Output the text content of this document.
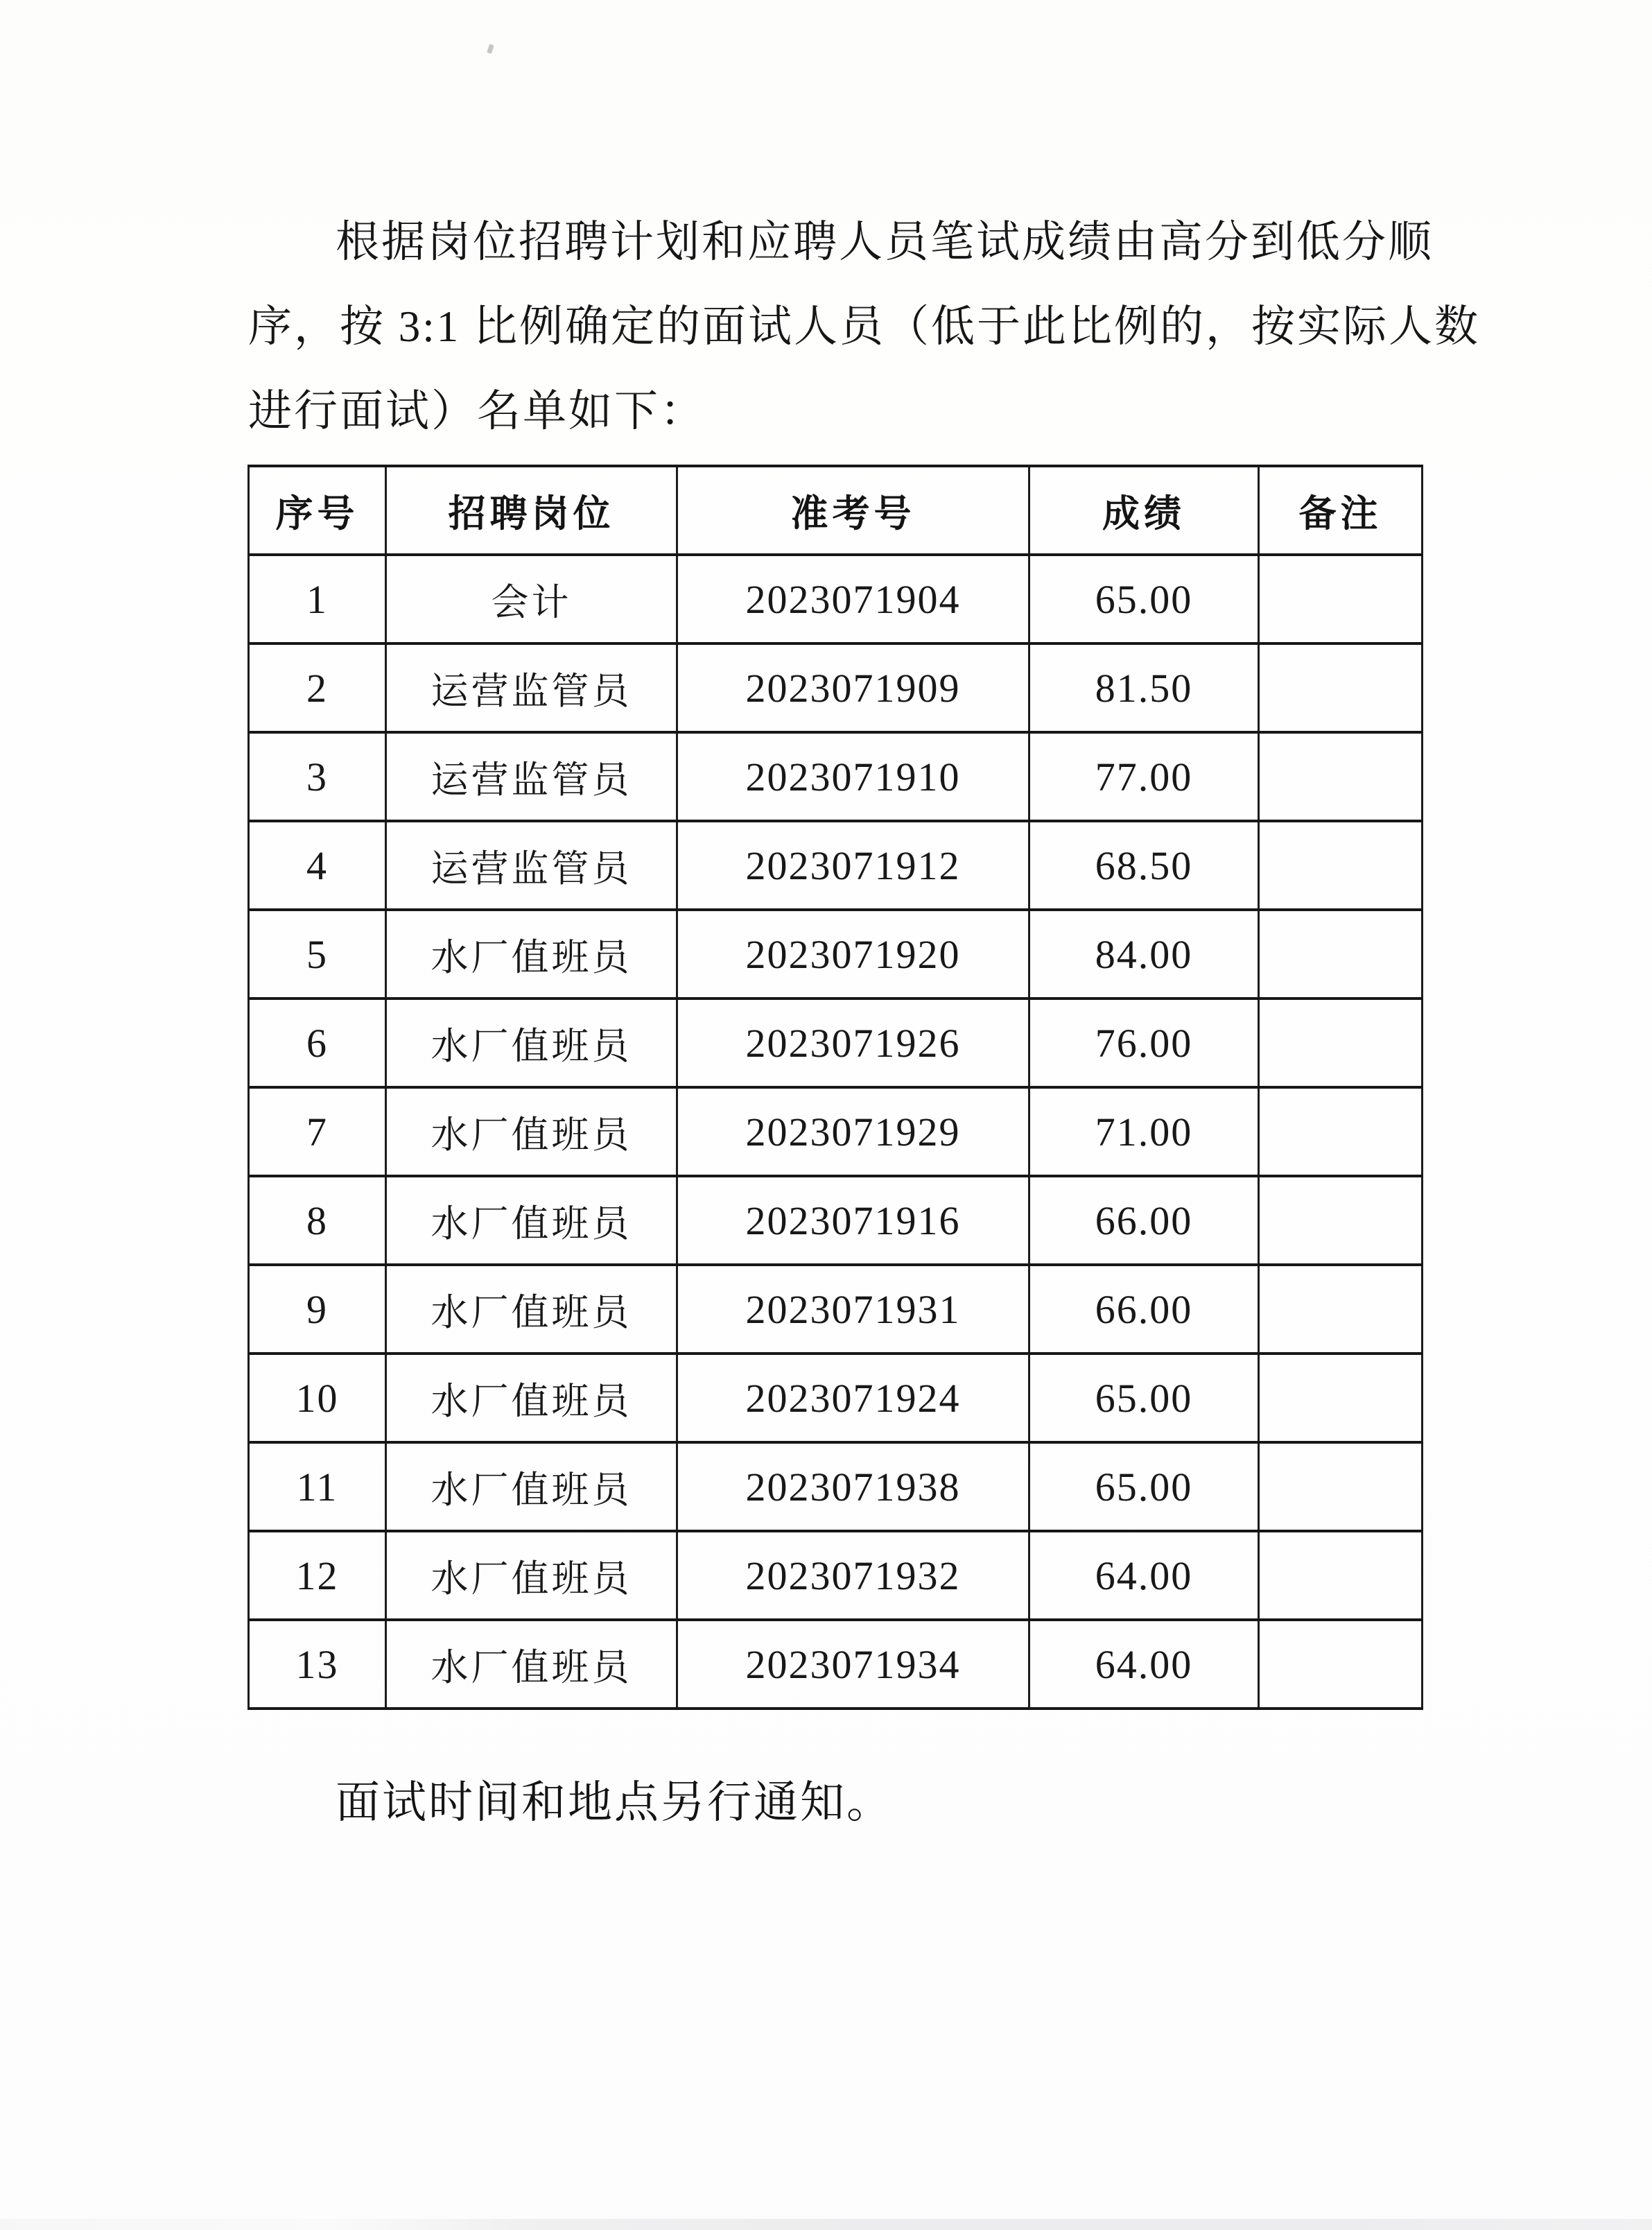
根据岗位招聘计划和应聘人员笔试成绩由高分到低分顺
序，按 3:1 比例确定的面试人员（低于此比例的，按实际人数
进行面试）名单如下：
序号	招聘岗位	准考号	成绩	备注
1	会计	2023071904	65.00	
2	运营监管员	2023071909	81.50	
3	运营监管员	2023071910	77.00	
4	运营监管员	2023071912	68.50	
5	水厂值班员	2023071920	84.00	
6	水厂值班员	2023071926	76.00	
7	水厂值班员	2023071929	71.00	
8	水厂值班员	2023071916	66.00	
9	水厂值班员	2023071931	66.00	
10	水厂值班员	2023071924	65.00	
11	水厂值班员	2023071938	65.00	
12	水厂值班员	2023071932	64.00	
13	水厂值班员	2023071934	64.00	
面试时间和地点另行通知。
